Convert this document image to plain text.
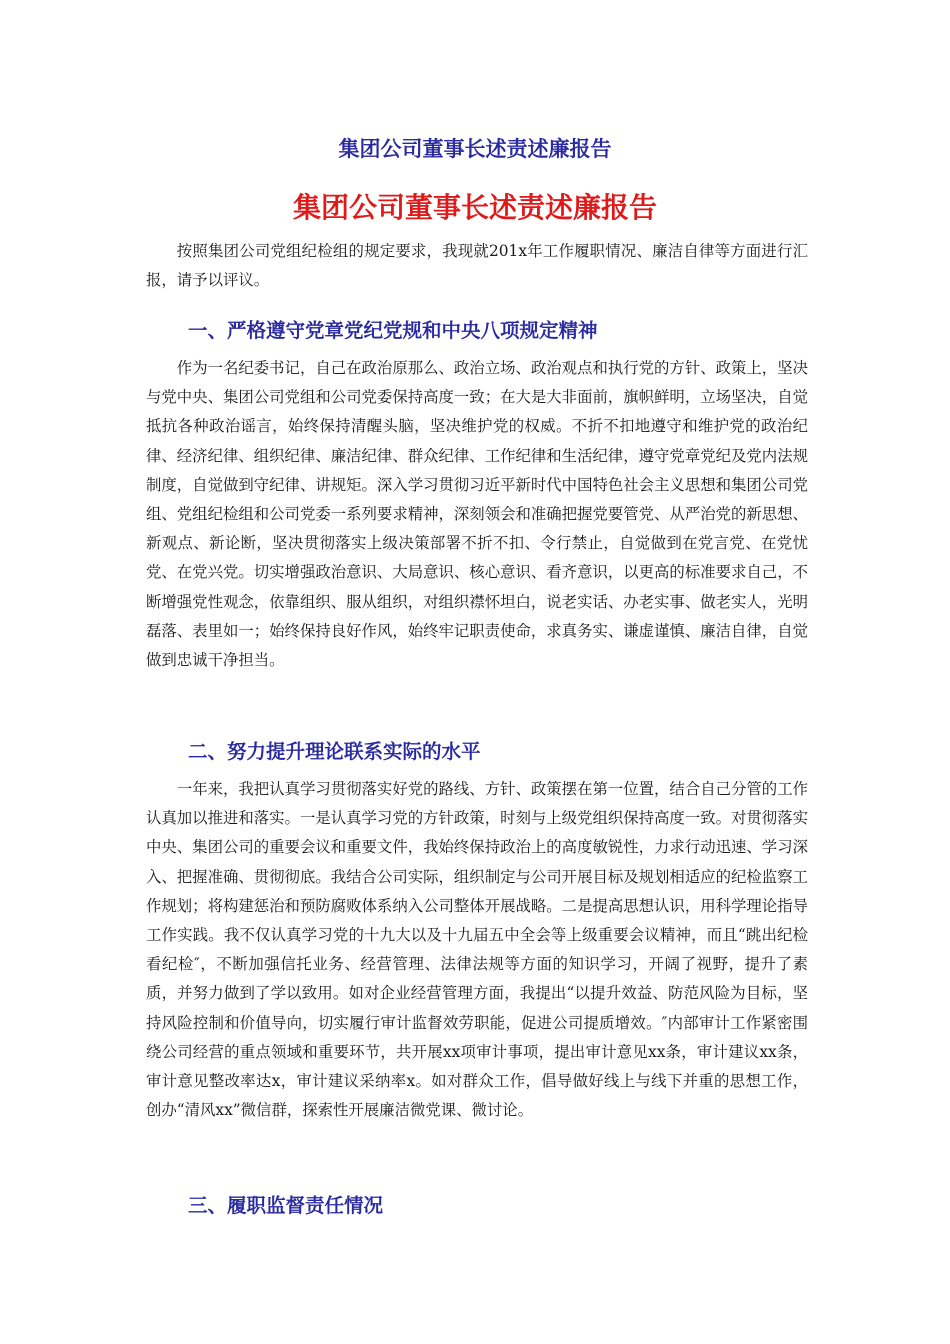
集团公司董事长述责述廉报告
集团公司董事长述责述廉报告

按照集团公司党组纪检组的规定要求，我现就201x年工作履职情况、廉洁自律等方面进行汇报，请予以评议。

一、严格遵守党章党纪党规和中央八项规定精神

作为一名纪委书记，自己在政治原那么、政治立场、政治观点和执行党的方针、政策上，坚决与党中央、集团公司党组和公司党委保持高度一致；在大是大非面前，旗帜鲜明，立场坚决，自觉抵抗各种政治谣言，始终保持清醒头脑，坚决维护党的权威。不折不扣地遵守和维护党的政治纪律、经济纪律、组织纪律、廉洁纪律、群众纪律、工作纪律和生活纪律，遵守党章党纪及党内法规制度，自觉做到守纪律、讲规矩。深入学习贯彻习近平新时代中国特色社会主义思想和集团公司党组、党组纪检组和公司党委一系列要求精神，深刻领会和准确把握党要管党、从严治党的新思想、新观点、新论断，坚决贯彻落实上级决策部署不折不扣、令行禁止，自觉做到在党言党、在党忧党、在党兴党。切实增强政治意识、大局意识、核心意识、看齐意识，以更高的标准要求自己，不断增强党性观念，依靠组织、服从组织，对组织襟怀坦白，说老实话、办老实事、做老实人，光明磊落、表里如一；始终保持良好作风，始终牢记职责使命，求真务实、谦虚谨慎、廉洁自律，自觉做到忠诚干净担当。

二、努力提升理论联系实际的水平

一年来，我把认真学习贯彻落实好党的路线、方针、政策摆在第一位置，结合自己分管的工作认真加以推进和落实。一是认真学习党的方针政策，时刻与上级党组织保持高度一致。对贯彻落实中央、集团公司的重要会议和重要文件，我始终保持政治上的高度敏锐性，力求行动迅速、学习深入、把握准确、贯彻彻底。我结合公司实际，组织制定与公司开展目标及规划相适应的纪检监察工作规划；将构建惩治和预防腐败体系纳入公司整体开展战略。二是提高思想认识，用科学理论指导工作实践。我不仅认真学习党的十九大以及十九届五中全会等上级重要会议精神，而且“跳出纪检看纪检″，不断加强信托业务、经营管理、法律法规等方面的知识学习，开阔了视野，提升了素质，并努力做到了学以致用。如对企业经营管理方面，我提出“以提升效益、防范风险为目标，坚持风险控制和价值导向，切实履行审计监督效劳职能，促进公司提质增效。″内部审计工作紧密围绕公司经营的重点领域和重要环节，共开展xx项审计事项，提出审计意见xx条，审计建议xx条，审计意见整改率达x，审计建议采纳率x。如对群众工作，倡导做好线上与线下并重的思想工作，创办“清风xx”微信群，探索性开展廉洁微党课、微讨论。

三、履职监督责任情况
